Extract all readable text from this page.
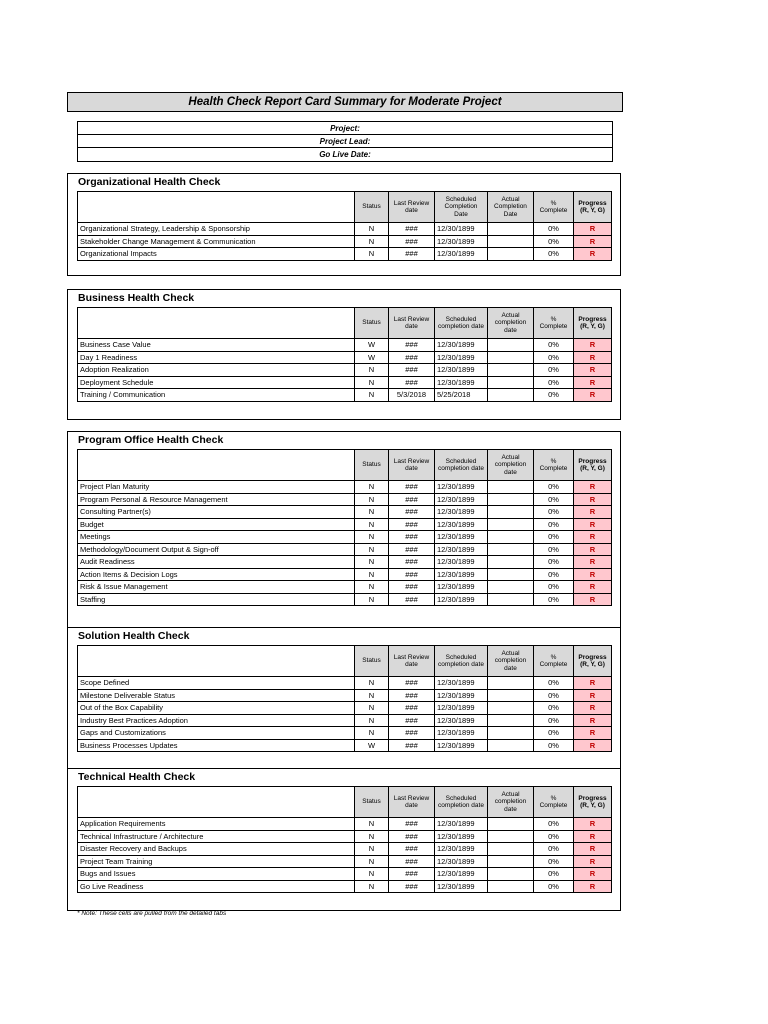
Health Check Report Card Summary for Moderate Project
Project:
Project Lead:
Go Live Date:
Organizational Health Check
	Status	Last Review date	Scheduled Completion Date	Actual Completion Date	% Complete	Progress (R, Y, G)
Organizational Strategy, Leadership & Sponsorship	N	###	12/30/1899		0%	R
Stakeholder Change Management & Communication	N	###	12/30/1899		0%	R
Organizational Impacts	N	###	12/30/1899		0%	R
Business Health Check
	Status	Last Review date	Scheduled completion date	Actual completion date	% Complete	Progress (R, Y, G)
Business Case Value	W	###	12/30/1899		0%	R
Day 1 Readiness	W	###	12/30/1899		0%	R
Adoption Realization	N	###	12/30/1899		0%	R
Deployment Schedule	N	###	12/30/1899		0%	R
Training / Communication	N	5/3/2018	5/25/2018		0%	R
Program Office Health Check
	Status	Last Review date	Scheduled completion date	Actual completion date	% Complete	Progress (R, Y, G)
Project Plan Maturity	N	###	12/30/1899		0%	R
Program Personal & Resource Management	N	###	12/30/1899		0%	R
Consulting Partner(s)	N	###	12/30/1899		0%	R
Budget	N	###	12/30/1899		0%	R
Meetings	N	###	12/30/1899		0%	R
Methodology/Document Output & Sign-off	N	###	12/30/1899		0%	R
Audit Readiness	N	###	12/30/1899		0%	R
Action Items & Decision Logs	N	###	12/30/1899		0%	R
Risk & Issue Management	N	###	12/30/1899		0%	R
Staffing	N	###	12/30/1899		0%	R
Solution Health Check
	Status	Last Review date	Scheduled completion date	Actual completion date	% Complete	Progress (R, Y, G)
Scope Defined	N	###	12/30/1899		0%	R
Milestone Deliverable Status	N	###	12/30/1899		0%	R
Out of the Box Capability	N	###	12/30/1899		0%	R
Industry Best Practices Adoption	N	###	12/30/1899		0%	R
Gaps and Customizations	N	###	12/30/1899		0%	R
Business Processes Updates	W	###	12/30/1899		0%	R
Technical Health Check
	Status	Last Review date	Scheduled completion date	Actual completion date	% Complete	Progress (R, Y, G)
Application Requirements	N	###	12/30/1899		0%	R
Technical Infrastructure / Architecture	N	###	12/30/1899		0%	R
Disaster Recovery and Backups	N	###	12/30/1899		0%	R
Project Team Training	N	###	12/30/1899		0%	R
Bugs and Issues	N	###	12/30/1899		0%	R
Go Live Readiness	N	###	12/30/1899		0%	R
* Note: These cells are pulled from the detailed tabs
